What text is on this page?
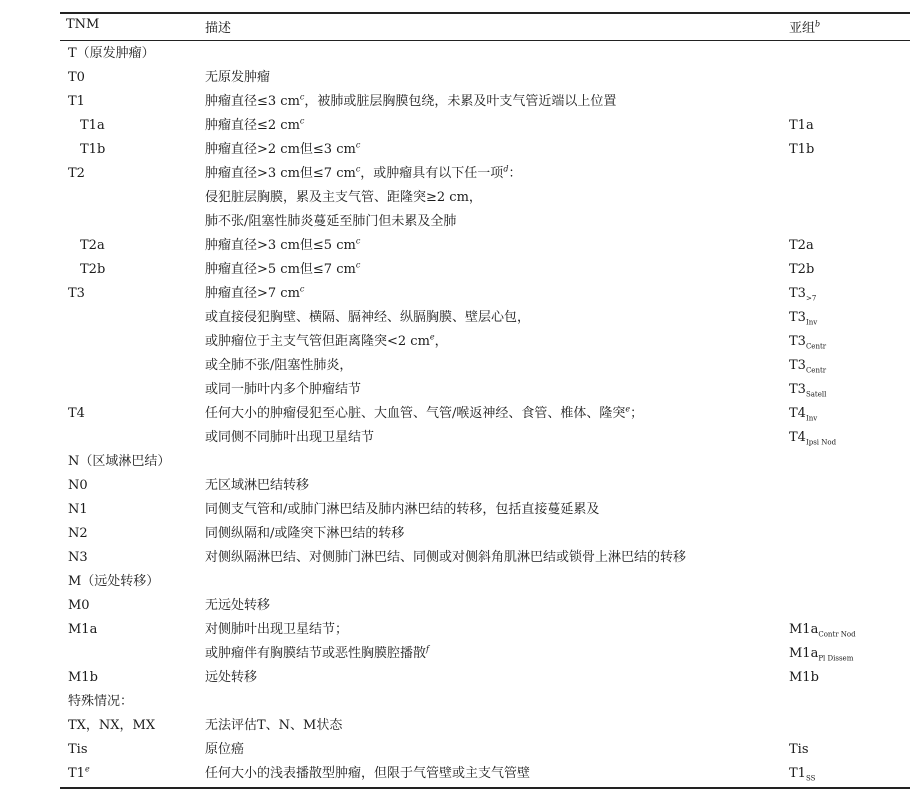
TNM	描述	亚组$^b$
T（原发肿瘤）
T0	无原发肿瘤
T1	肿瘤直径≤3 $cm^c$，被肺或脏层胸膜包绕，未累及叶支气管近端以上位置
T1a	肿瘤直径≤2 $cm^c$	T1a
T1b	肿瘤直径>2 cm但≤3 $cm^c$	T1b
T2	肿瘤直径>3 cm但≤7 $cm^c$，或肿瘤具有以下任一项$^d$：
侵犯脏层胸膜，累及主支气管、距隆突≥2 cm，
肺不张/阻塞性肺炎蔓延至肺门但未累及全肺
T2a	肿瘤直径>3 cm但≤5 $cm^c$	T2a
T2b	肿瘤直径>5 cm但≤7 $cm^c$	T2b
T3	肿瘤直径>7 $cm^c$	$T3_{>7}$
或直接侵犯胸壁、横隔、膈神经、纵膈胸膜、壁层心包，	$T3_{Inv}$
或肿瘤位于主支气管但距离隆突<2 $cm^e$，	$T3_{Centr}$
或全肺不张/阻塞性肺炎，	$T3_{Centr}$
或同一肺叶内多个肿瘤结节	$T3_{Satell}$
T4	任何大小的肿瘤侵犯至心脏、大血管、气管/喉返神经、食管、椎体、隆突$^e$；	$T4_{Inv}$
或同侧不同肺叶出现卫星结节	$T4_{Ipsi Nod}$
N（区域淋巴结）
N0	无区域淋巴结转移
N1	同侧支气管和/或肺门淋巴结及肺内淋巴结的转移，包括直接蔓延累及
N2	同侧纵隔和/或隆突下淋巴结的转移
N3	对侧纵隔淋巴结、对侧肺门淋巴结、同侧或对侧斜角肌淋巴结或锁骨上淋巴结的转移
M（远处转移）
M0	无远处转移
M1a	对侧肺叶出现卫星结节；	$M1a_{Contr Nod}$
或肿瘤伴有胸膜结节或恶性胸膜腔播散$^f$	$M1a_{Pl Dissem}$
M1b	远处转移	M1b
特殊情况：
TX，NX，MX	无法评估T、N、M状态
Tis	原位癌	Tis
T1e	任何大小的浅表播散型肿瘤，但限于气管壁或主支气管壁	$T1_{SS}$
